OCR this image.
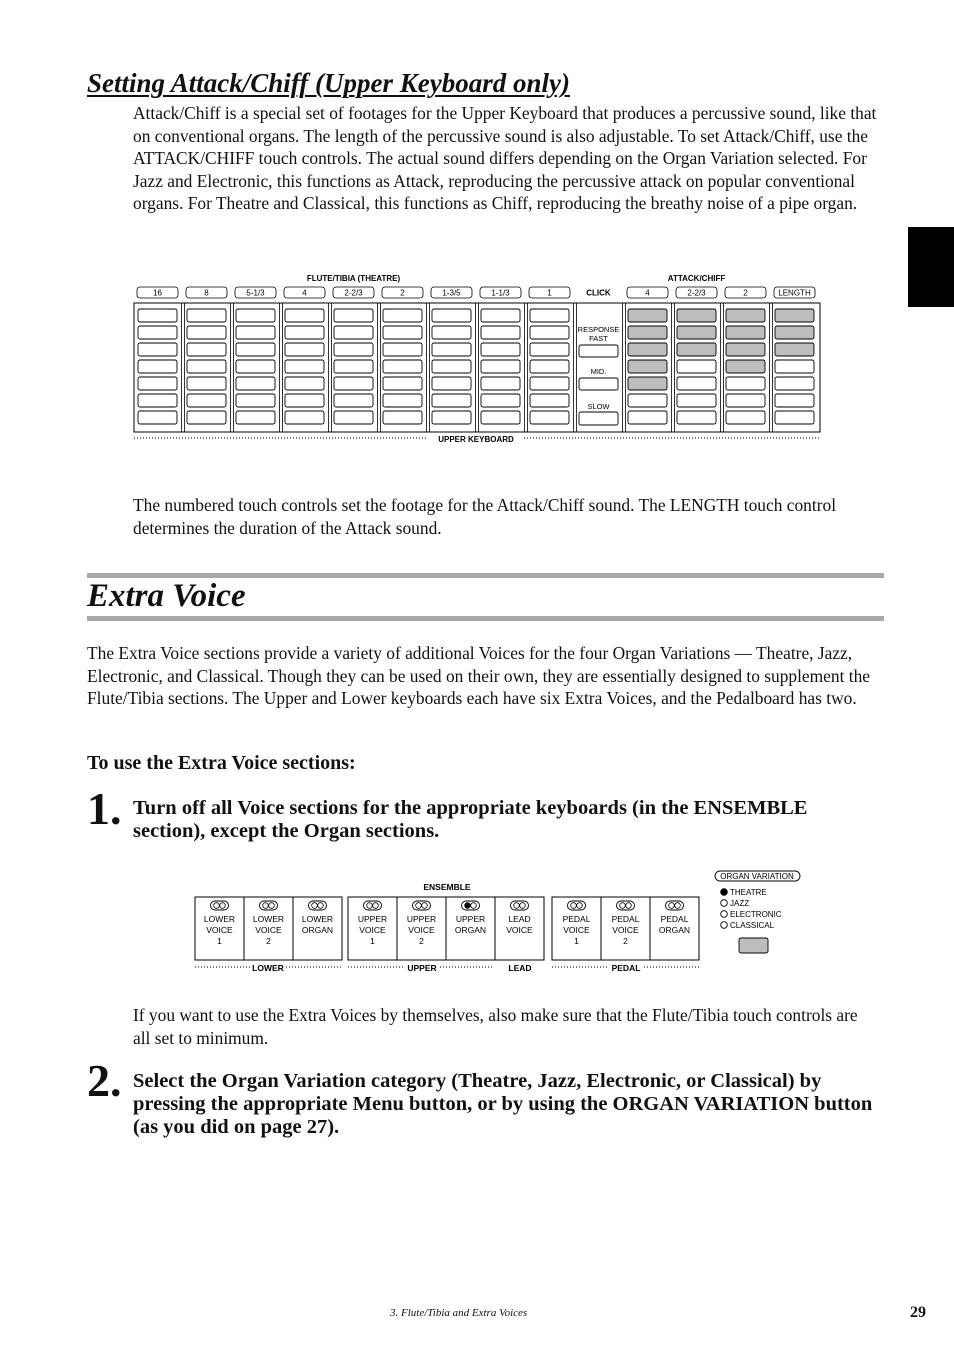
Setting Attack/Chiff (Upper Keyboard only)
Attack/Chiff is a special set of footages for the Upper Keyboard that produces a percussive sound, like that on conventional organs. The length of the percussive sound is also adjustable. To set Attack/Chiff, use the ATTACK/CHIFF touch controls. The actual sound differs depending on the Organ Variation selected. For Jazz and Electronic, this functions as Attack, reproducing the percussive attack on popular conventional organs. For Theatre and Classical, this functions as Chiff, reproducing the breathy noise of a pipe organ.
FLUTE/TIBIA (THEATRE)	ATTACK/CHIFF
16	8	5-1/3	4	2-2/3	2	1-3/5	1-1/3	1	CLICK	4	2-2/3	2	LENGTH
RESPONSE
FAST
MID.
SLOW
UPPER KEYBOARD
The numbered touch controls set the footage for the Attack/Chiff sound. The LENGTH touch control determines the duration of the Attack sound.
Extra Voice
The Extra Voice sections provide a variety of additional Voices for the four Organ Variations — Theatre, Jazz, Electronic, and Classical. Though they can be used on their own, they are essentially designed to supplement the Flute/Tibia sections. The Upper and Lower keyboards each have six Extra Voices, and the Pedalboard has two.
To use the Extra Voice sections:
1. Turn off all Voice sections for the appropriate keyboards (in the ENSEMBLE section), except the Organ sections.
ENSEMBLE
LOWER
VOICE
1
LOWER
VOICE
2
LOWER
ORGAN
UPPER
VOICE
1
UPPER
VOICE
2
UPPER
ORGAN
LEAD
VOICE
PEDAL
VOICE
1
PEDAL
VOICE
2
PEDAL
ORGAN
LOWER	UPPER	LEAD	PEDAL
ORGAN VARIATION
THEATRE
JAZZ
ELECTRONIC
CLASSICAL
If you want to use the Extra Voices by themselves, also make sure that the Flute/Tibia touch controls are all set to minimum.
2. Select the Organ Variation category (Theatre, Jazz, Electronic, or Classical) by pressing the appropriate Menu button, or by using the ORGAN VARIATION button (as you did on page 27).
3. Flute/Tibia and Extra Voices	29
